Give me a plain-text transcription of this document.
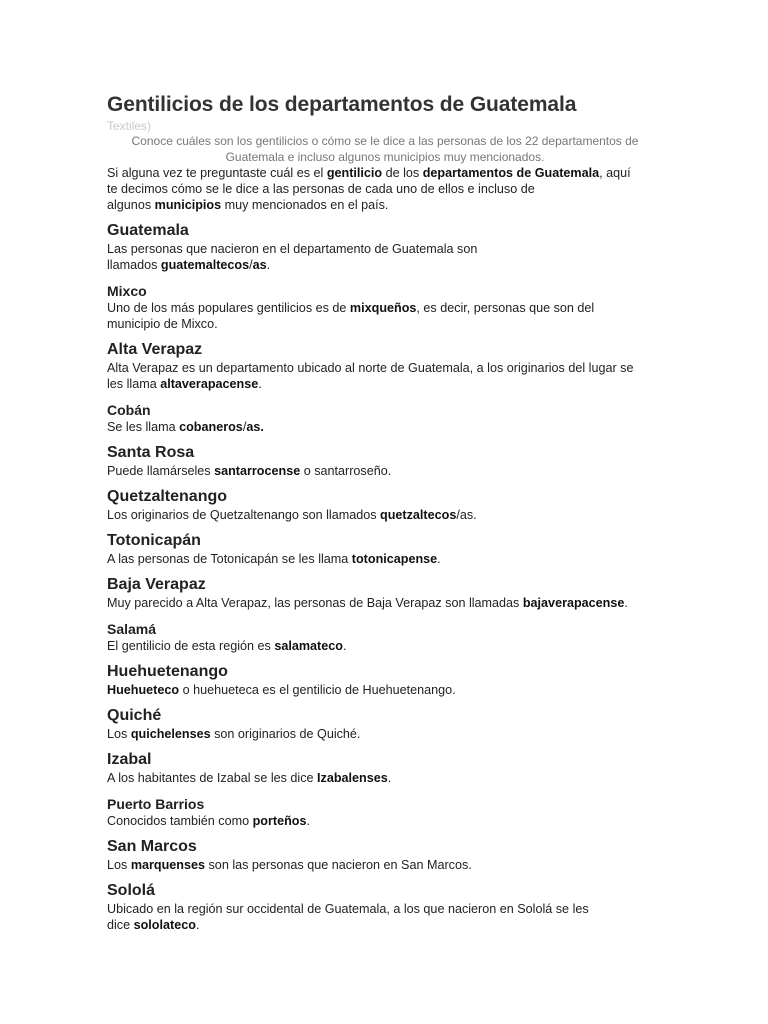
Gentilicios de los departamentos de Guatemala
Textiles)

Conoce cuáles son los gentilicios o cómo se le dice a las personas de los 22 departamentos de Guatemala e incluso algunos municipios muy mencionados.

Si alguna vez te preguntaste cuál es el gentilicio de los departamentos de Guatemala, aquí
te decimos cómo se le dice a las personas de cada uno de ellos e incluso de
algunos municipios muy mencionados en el país.

Guatemala

Las personas que nacieron en el departamento de Guatemala son
llamados guatemaltecos/as.

Mixco

Uno de los más populares gentilicios es de mixqueños, es decir, personas que son del
municipio de Mixco.

Alta Verapaz

Alta Verapaz es un departamento ubicado al norte de Guatemala, a los originarios del lugar se
les llama altaverapacense.

Cobán

Se les llama cobaneros/as.

Santa Rosa

Puede llamárseles santarrocense o santarroseño.

Quetzaltenango

Los originarios de Quetzaltenango son llamados quetzaltecos/as.

Totonicapán

A las personas de Totonicapán se les llama totonicapense.

Baja Verapaz

Muy parecido a Alta Verapaz, las personas de Baja Verapaz son llamadas bajaverapacense.

Salamá

El gentilicio de esta región es salamateco.

Huehuetenango

Huehueteco o huehueteca es el gentilicio de Huehuetenango.

Quiché

Los quichelenses son originarios de Quiché.

Izabal

A los habitantes de Izabal se les dice Izabalenses.

Puerto Barrios

Conocidos también como porteños.

San Marcos

Los marquenses son las personas que nacieron en San Marcos.

Sololá

Ubicado en la región sur occidental de Guatemala, a los que nacieron en Sololá se les
dice sololateco.
